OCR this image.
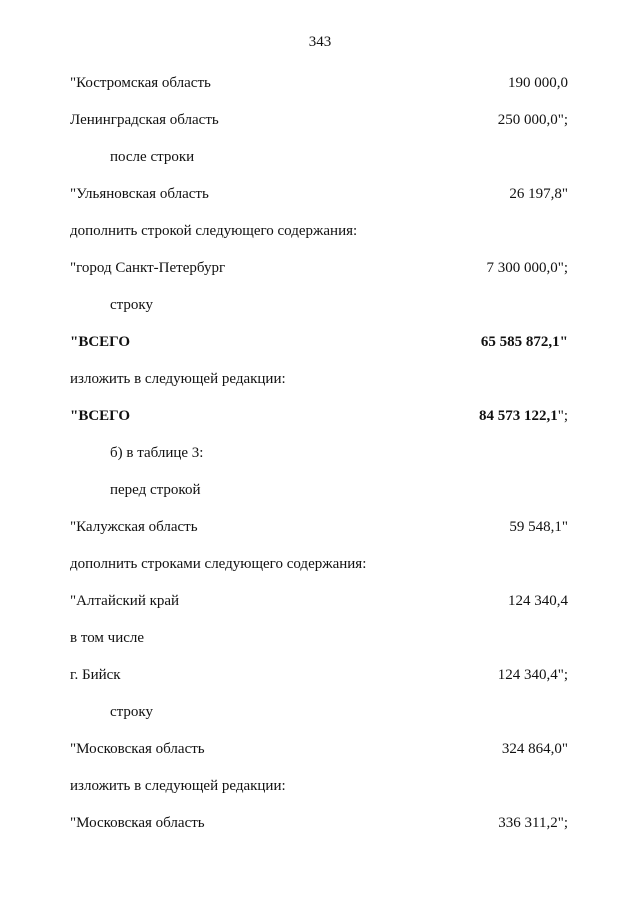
343
"Костромская область	190 000,0
Ленинградская область	250 000,0";
после строки
"Ульяновская область	26 197,8"
дополнить строкой следующего содержания:
"город Санкт-Петербург	7 300 000,0";
строку
"ВСЕГО	65 585 872,1"
изложить в следующей редакции:
"ВСЕГО	84 573 122,1";
б) в таблице 3:
перед строкой
"Калужская область	59 548,1"
дополнить строками следующего содержания:
"Алтайский край	124 340,4
в том числе
г. Бийск	124 340,4";
строку
"Московская область	324 864,0"
изложить в следующей редакции:
"Московская область	336 311,2";
